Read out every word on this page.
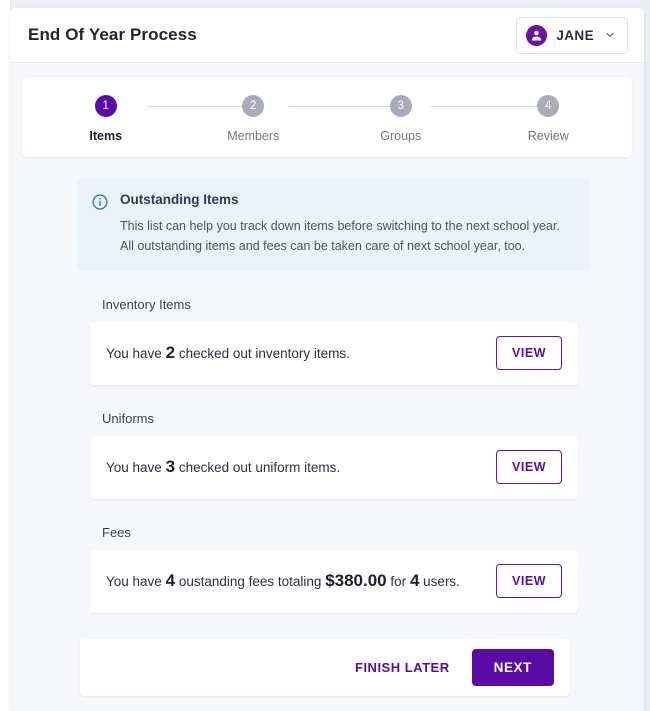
End Of Year Process	JANE
1
Items
2
Members
3
Groups
4
Review
Outstanding Items
This list can help you track down items before switching to the next school year.
All outstanding items and fees can be taken care of next school year, too.
Inventory Items
You have 2 checked out inventory items.	VIEW
Uniforms
You have 3 checked out uniform items.	VIEW
Fees
You have 4 oustanding fees totaling $380.00 for 4 users.	VIEW
FINISH LATER	NEXT
